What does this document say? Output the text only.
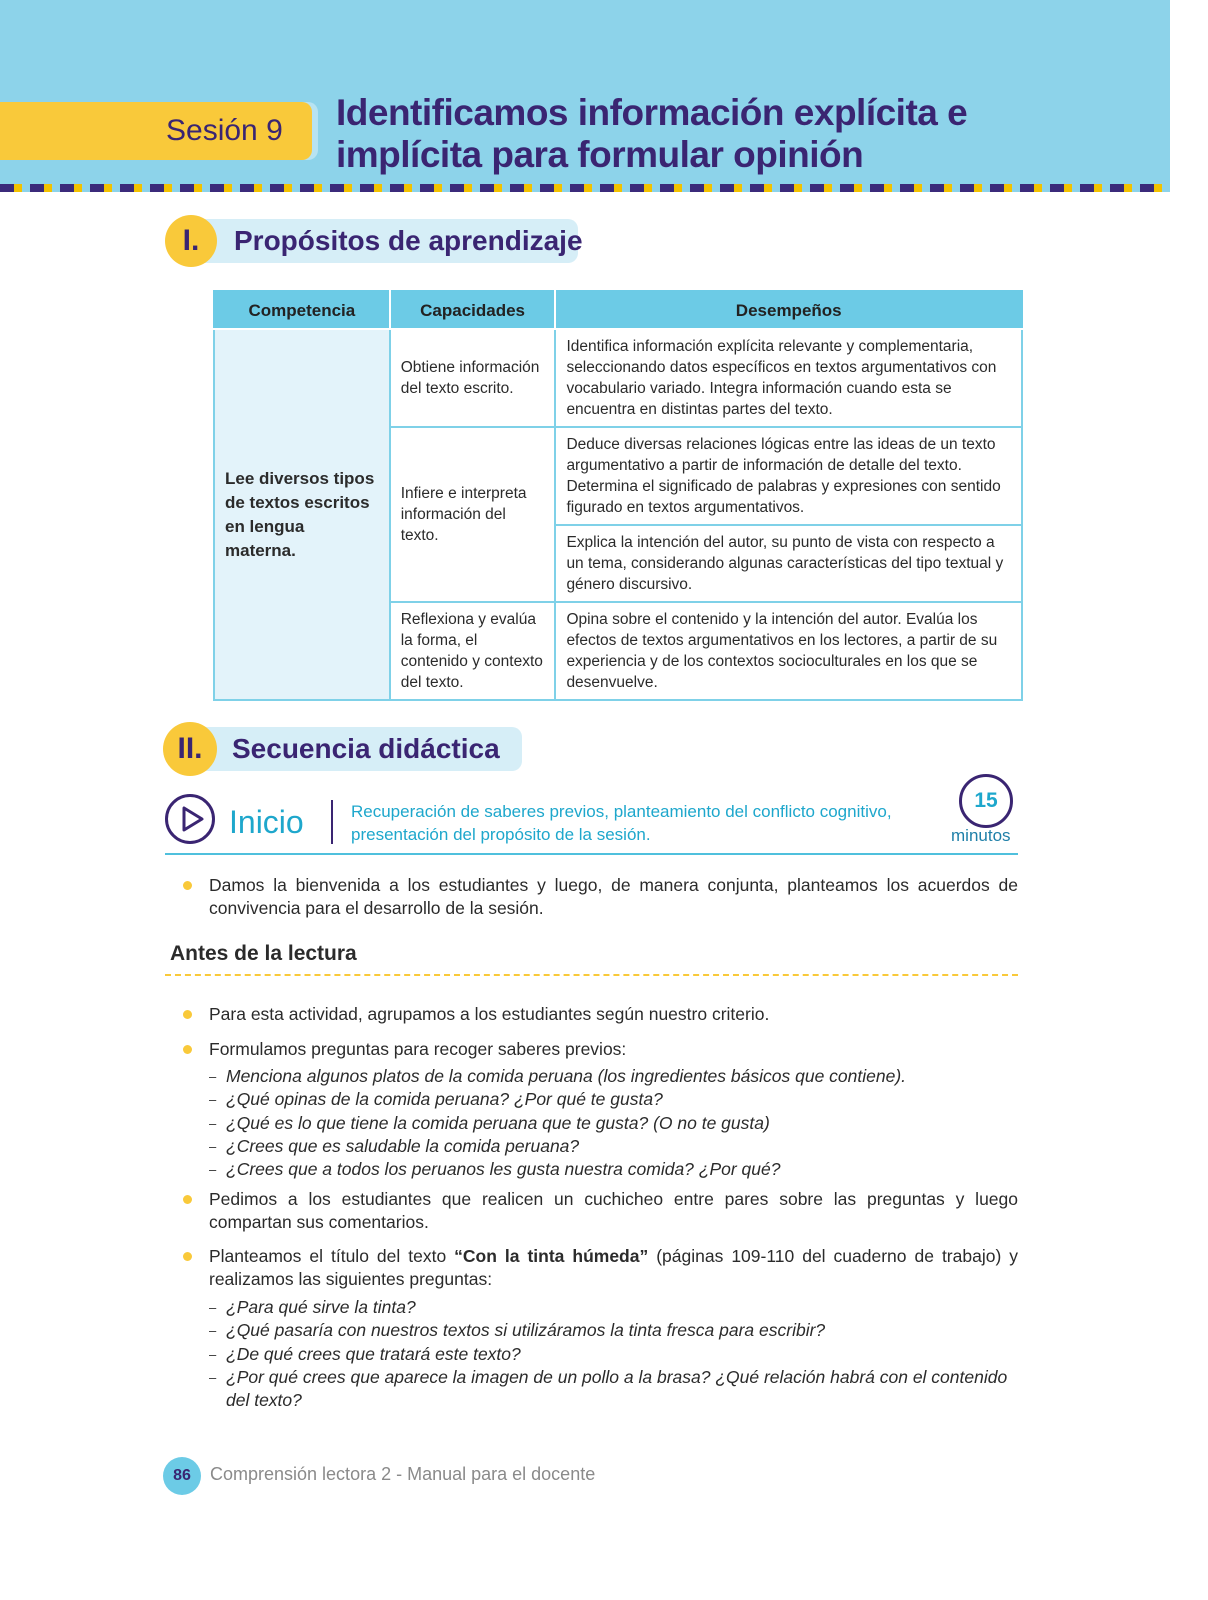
Sesión 9 Identificamos información explícita e
implícita para formular opinión
I.	Propósitos de aprendizaje
Competencia	Capacidades	Desempeños
Lee diversos tipos de textos escritos en lengua materna.	Obtiene información del texto escrito.	Identifica información explícita relevante y complementaria, seleccionando datos específicos en textos argumentativos con vocabulario variado. Integra información cuando esta se encuentra en distintas partes del texto.
	Infiere e interpreta información del texto.	Deduce diversas relaciones lógicas entre las ideas de un texto argumentativo a partir de información de detalle del texto. Determina el significado de palabras y expresiones con sentido figurado en textos argumentativos.
		Explica la intención del autor, su punto de vista con respecto a un tema, considerando algunas características del tipo textual y género discursivo.
	Reflexiona y evalúa la forma, el contenido y contexto del texto.	Opina sobre el contenido y la intención del autor. Evalúa los efectos de textos argumentativos en los lectores, a partir de su experiencia y de los contextos socioculturales en los que se desenvuelve.
II.	Secuencia didáctica
Inicio	Recuperación de saberes previos, planteamiento del conflicto cognitivo, presentación del propósito de la sesión.
15
minutos
Damos la bienvenida a los estudiantes y luego, de manera conjunta, planteamos los acuerdos de convivencia para el desarrollo de la sesión.
Antes de la lectura
Para esta actividad, agrupamos a los estudiantes según nuestro criterio.
Formulamos preguntas para recoger saberes previos:
– Menciona algunos platos de la comida peruana (los ingredientes básicos que contiene).
– ¿Qué opinas de la comida peruana? ¿Por qué te gusta?
– ¿Qué es lo que tiene la comida peruana que te gusta? (O no te gusta)
– ¿Crees que es saludable la comida peruana?
– ¿Crees que a todos los peruanos les gusta nuestra comida? ¿Por qué?
Pedimos a los estudiantes que realicen un cuchicheo entre pares sobre las preguntas y luego compartan sus comentarios.
Planteamos el título del texto “Con la tinta húmeda” (páginas 109-110 del cuaderno de trabajo) y realizamos las siguientes preguntas:
– ¿Para qué sirve la tinta?
– ¿Qué pasaría con nuestros textos si utilizáramos la tinta fresca para escribir?
– ¿De qué crees que tratará este texto?
– ¿Por qué crees que aparece la imagen de un pollo a la brasa? ¿Qué relación habrá con el contenido del texto?
86	Comprensión lectora 2 - Manual para el docente
